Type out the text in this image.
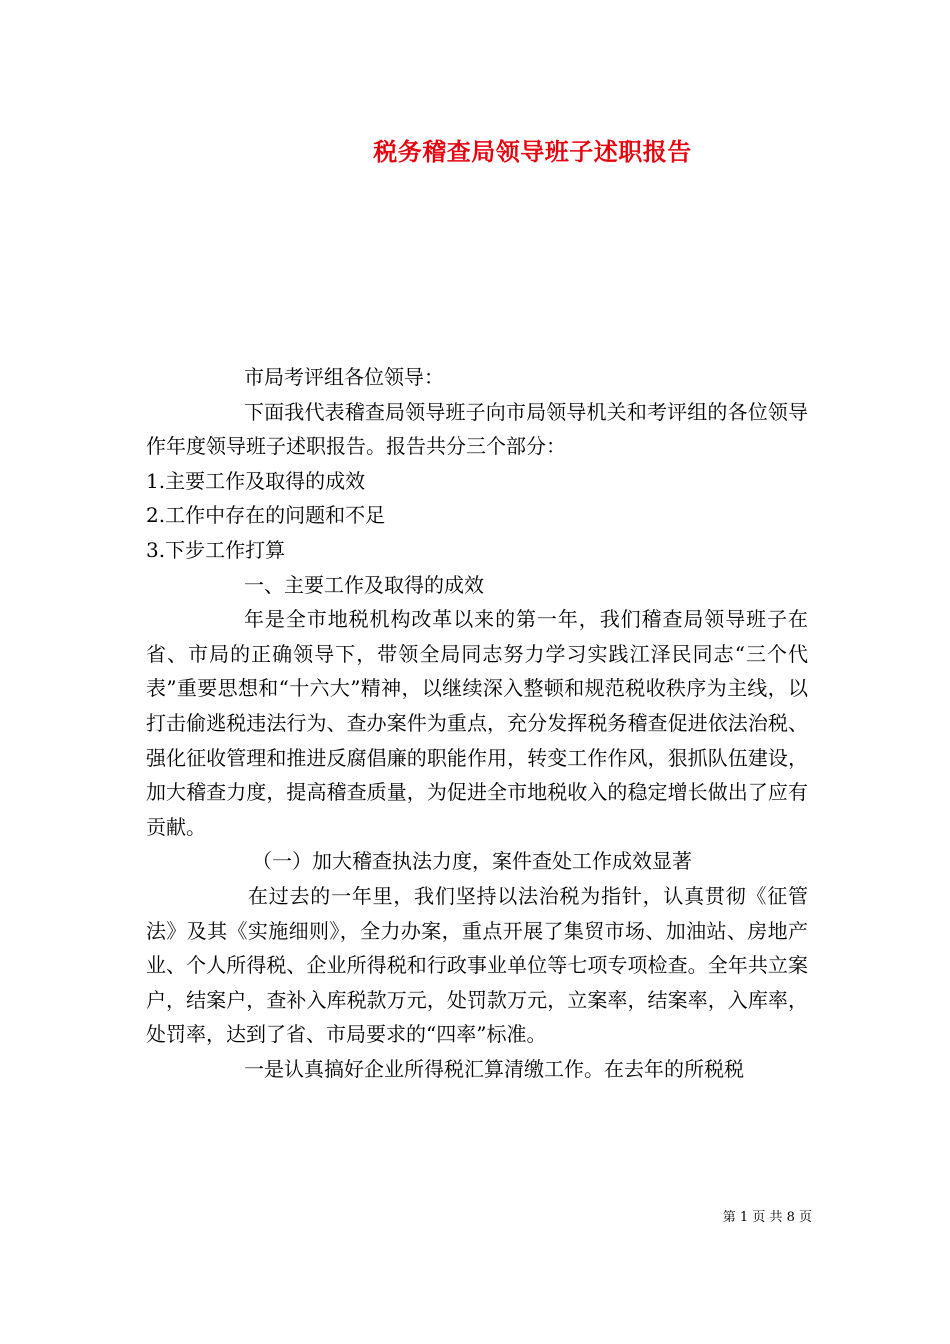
税务稽查局领导班子述职报告

市局考评组各位领导：

下面我代表稽查局领导班子向市局领导机关和考评组的各位领导作年度领导班子述职报告。报告共分三个部分：

1.主要工作及取得的成效

2.工作中存在的问题和不足

3.下步工作打算

一、主要工作及取得的成效

年是全市地税机构改革以来的第一年，我们稽查局领导班子在省、市局的正确领导下，带领全局同志努力学习实践江泽民同志“三个代表”重要思想和“十六大”精神，以继续深入整顿和规范税收秩序为主线，以打击偷逃税违法行为、查办案件为重点，充分发挥税务稽查促进依法治税、强化征收管理和推进反腐倡廉的职能作用，转变工作作风，狠抓队伍建设，加大稽查力度，提高稽查质量，为促进全市地税收入的稳定增长做出了应有贡献。

（一）加大稽查执法力度，案件查处工作成效显著

在过去的一年里，我们坚持以法治税为指针，认真贯彻《征管法》及其《实施细则》，全力办案，重点开展了集贸市场、加油站、房地产业、个人所得税、企业所得税和行政事业单位等七项专项检查。全年共立案户，结案户，查补入库税款万元，处罚款万元，立案率，结案率，入库率，处罚率，达到了省、市局要求的“四率”标准。

一是认真搞好企业所得税汇算清缴工作。在去年的所税税

第 1 页 共 8 页
